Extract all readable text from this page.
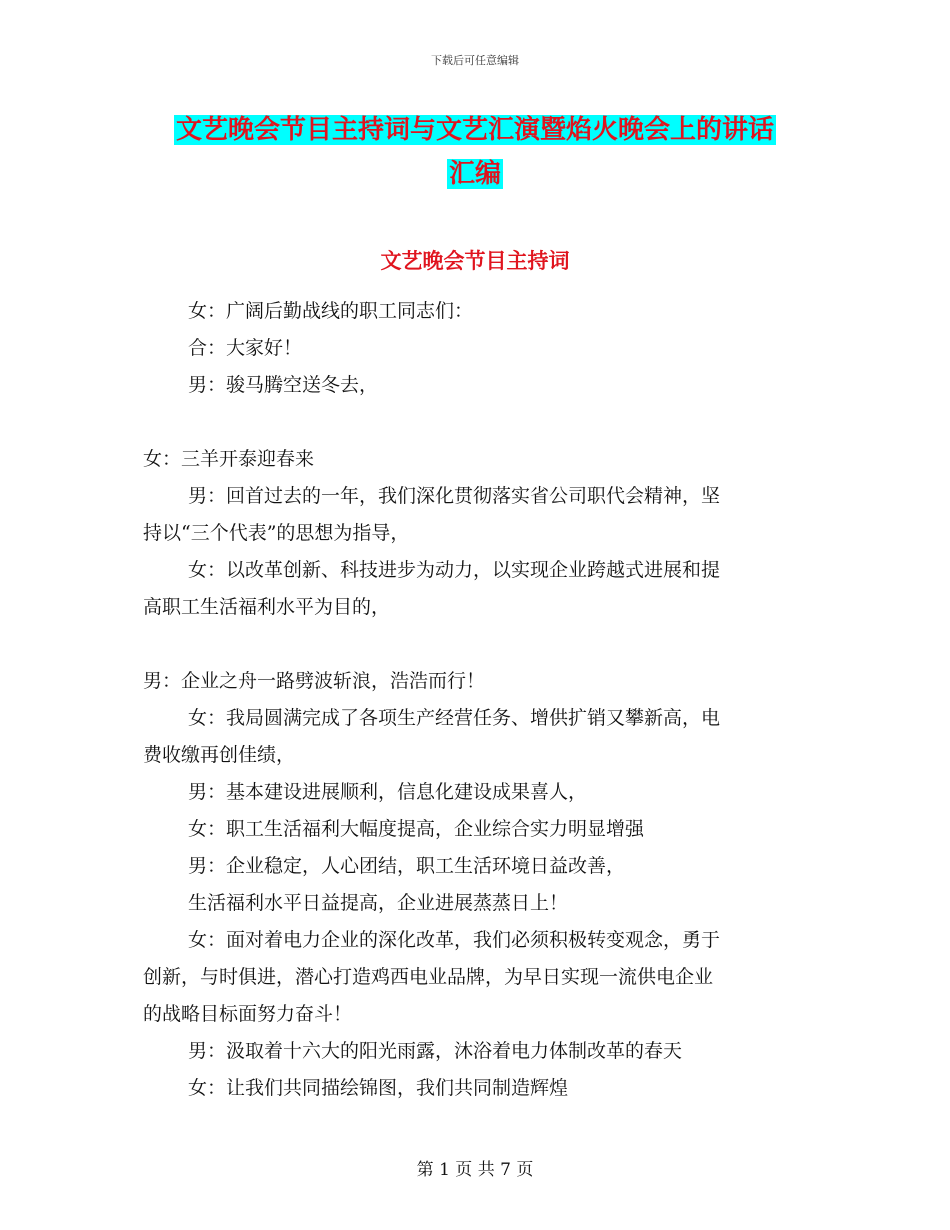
下载后可任意编辑
文艺晚会节目主持词与文艺汇演暨焰火晚会上的讲话
汇编
文艺晚会节目主持词
女：广阔后勤战线的职工同志们：
合：大家好！
男：骏马腾空送冬去，
女：三羊开泰迎春来
男：回首过去的一年，我们深化贯彻落实省公司职代会精神，坚
持以“三个代表”的思想为指导，
女：以改革创新、科技进步为动力，以实现企业跨越式进展和提
高职工生活福利水平为目的，
男：企业之舟一路劈波斩浪，浩浩而行！
女：我局圆满完成了各项生产经营任务、增供扩销又攀新高，电
费收缴再创佳绩，
男：基本建设进展顺利，信息化建设成果喜人，
女：职工生活福利大幅度提高，企业综合实力明显增强
男：企业稳定，人心团结，职工生活环境日益改善，
生活福利水平日益提高，企业进展蒸蒸日上！
女：面对着电力企业的深化改革，我们必须积极转变观念，勇于
创新，与时俱进，潜心打造鸡西电业品牌，为早日实现一流供电企业
的战略目标面努力奋斗！
男：汲取着十六大的阳光雨露，沐浴着电力体制改革的春天
女：让我们共同描绘锦图，我们共同制造辉煌
第 1 页 共 7 页
